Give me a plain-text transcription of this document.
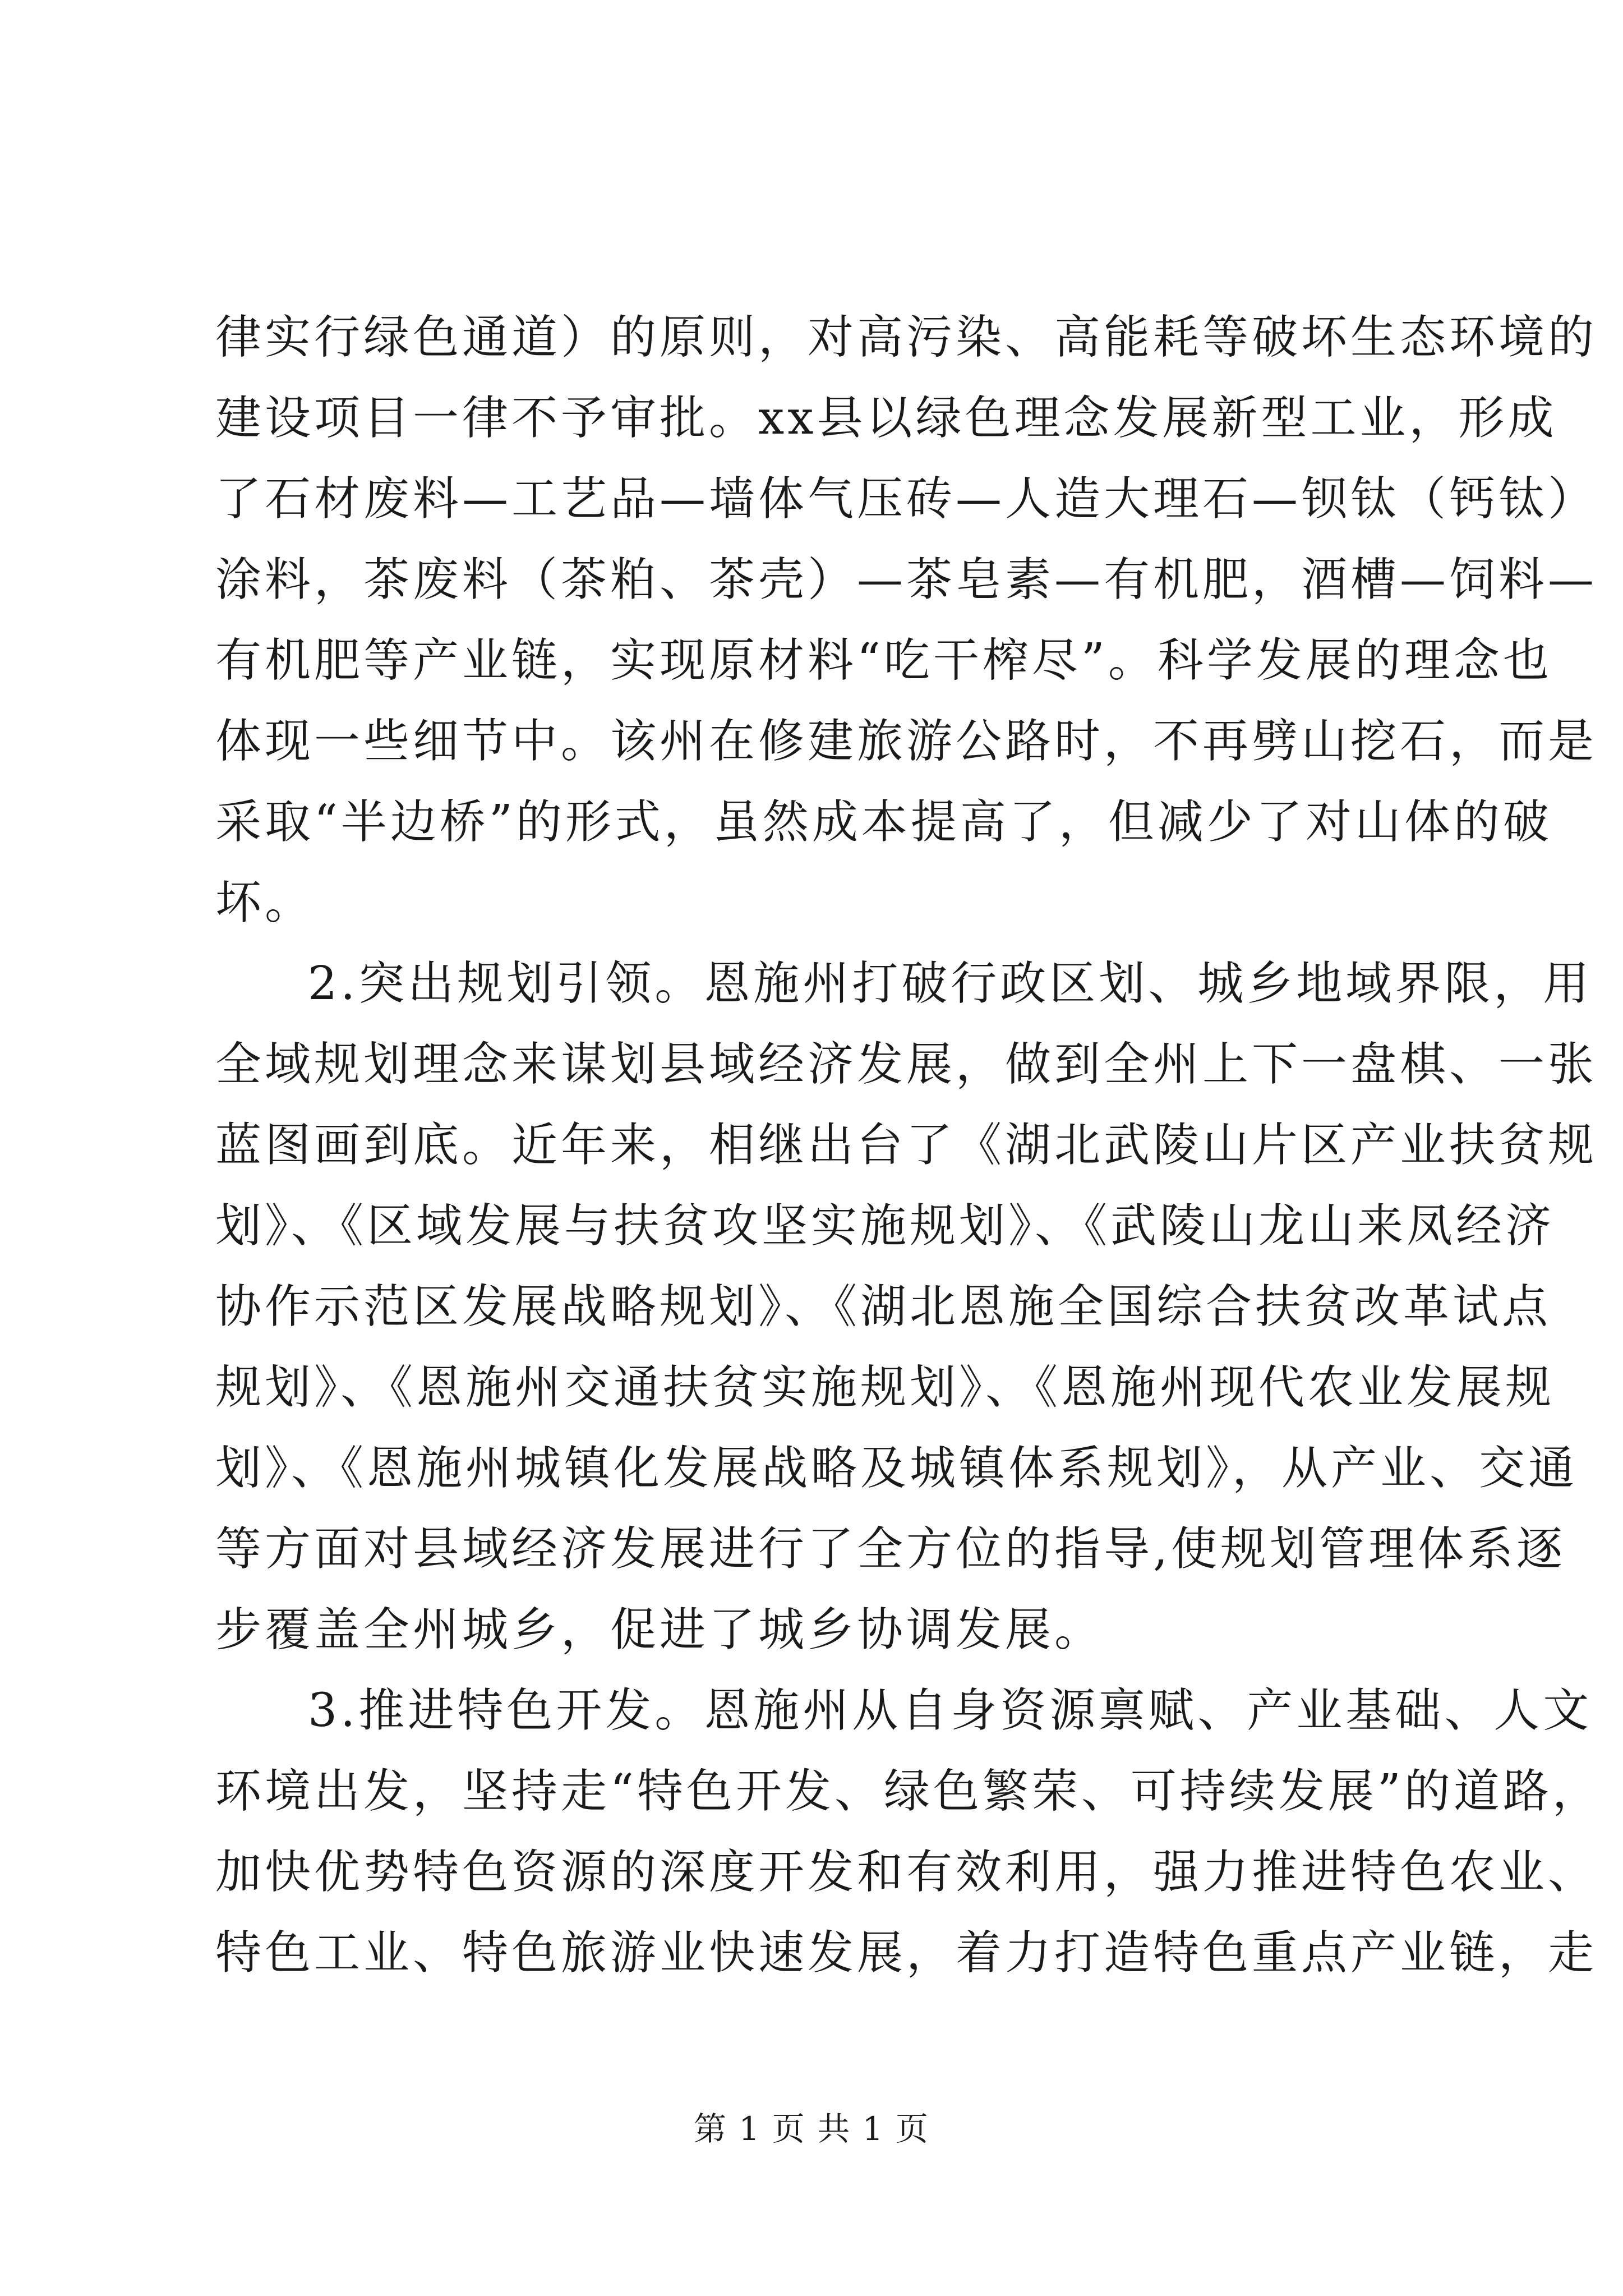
律实行绿色通道）的原则，对高污染、高能耗等破坏生态环境的
建设项目一律不予审批。xx县以绿色理念发展新型工业，形成
了石材废料—工艺品—墙体气压砖—人造大理石—钡钛（钙钛）
涂料，茶废料（茶粕、茶壳）—茶皂素—有机肥，酒槽—饲料—
有机肥等产业链，实现原材料“吃干榨尽”。科学发展的理念也
体现一些细节中。该州在修建旅游公路时，不再劈山挖石，而是
采取“半边桥”的形式，虽然成本提高了，但减少了对山体的破
坏。
2.突出规划引领。恩施州打破行政区划、城乡地域界限，用
全域规划理念来谋划县域经济发展，做到全州上下一盘棋、一张
蓝图画到底。近年来，相继出台了《湖北武陵山片区产业扶贫规
划》、《区域发展与扶贫攻坚实施规划》、《武陵山龙山来凤经济
协作示范区发展战略规划》、《湖北恩施全国综合扶贫改革试点
规划》、《恩施州交通扶贫实施规划》、《恩施州现代农业发展规
划》、《恩施州城镇化发展战略及城镇体系规划》，从产业、交通
等方面对县域经济发展进行了全方位的指导,使规划管理体系逐
步覆盖全州城乡，促进了城乡协调发展。
3.推进特色开发。恩施州从自身资源禀赋、产业基础、人文
环境出发，坚持走“特色开发、绿色繁荣、可持续发展”的道路，
加快优势特色资源的深度开发和有效利用，强力推进特色农业、
特色工业、特色旅游业快速发展，着力打造特色重点产业链，走
第 1 页 共 1 页
